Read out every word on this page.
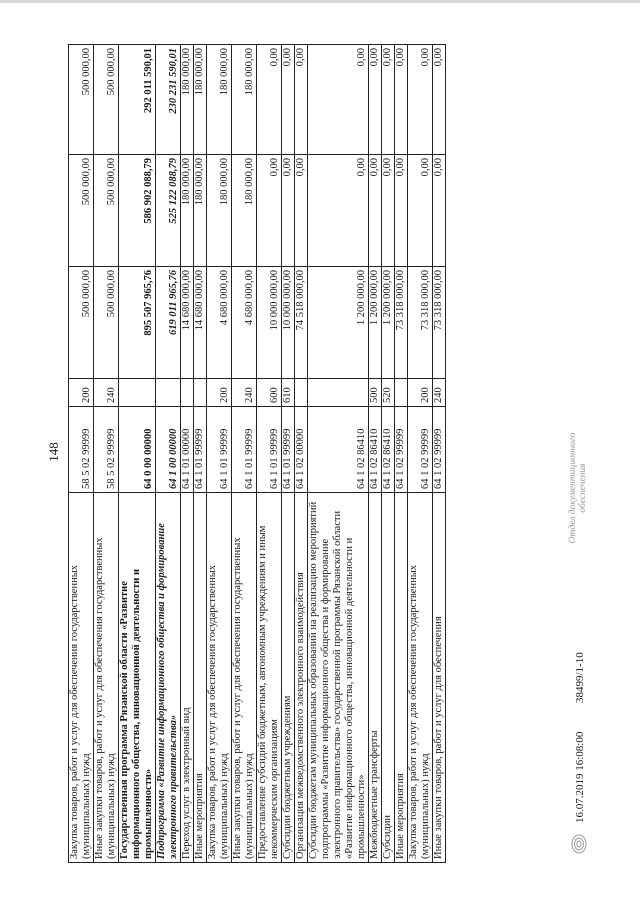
148
Закупка товаров, работ и услуг для обеспечения государственных (муниципальных) нужд	58 5 02 99999	200	500 000,00	500 000,00	500 000,00
Иные закупки товаров, работ и услуг для обеспечения государственных (муниципальных) нужд	58 5 02 99999	240	500 000,00	500 000,00	500 000,00
Государственная программа Рязанской области «Развитие информационного общества, инновационной деятельности и промышленности»	64 0 00 00000		895 507 965,76	586 902 088,79	292 011 590,01
Подпрограмма «Развитие информационного общества и формирование электронного правительства»	64 1 00 00000		619 011 965,76	525 122 088,79	230 231 590,01
Переход услуг в электронный вид	64 1 01 00000		14 680 000,00	180 000,00	180 000,00
Иные мероприятия	64 1 01 99999		14 680 000,00	180 000,00	180 000,00
Закупка товаров, работ и услуг для обеспечения государственных (муниципальных) нужд	64 1 01 99999	200	4 680 000,00	180 000,00	180 000,00
Иные закупки товаров, работ и услуг для обеспечения государственных (муниципальных) нужд	64 1 01 99999	240	4 680 000,00	180 000,00	180 000,00
Предоставление субсидий бюджетным, автономным учреждениям и иным некоммерческим организациям	64 1 01 99999	600	10 000 000,00	0,00	0,00
Субсидии бюджетным учреждениям	64 1 01 99999	610	10 000 000,00	0,00	0,00
Организация межведомственного электронного взаимодействия	64 1 02 00000		74 518 000,00	0,00	0,00
Субсидии бюджетам муниципальных образований на реализацию мероприятий подпрограммы «Развитие информационного общества и формирование электронного правительства» государственной программы Рязанской области «Развитие информационного общества, инновационной деятельности и промышленности»	64 1 02 86410		1 200 000,00	0,00	0,00
Межбюджетные трансферты	64 1 02 86410	500	1 200 000,00	0,00	0,00
Субсидии	64 1 02 86410	520	1 200 000,00	0,00	0,00
Иные мероприятия	64 1 02 99999		73 318 000,00	0,00	0,00
Закупка товаров, работ и услуг для обеспечения государственных (муниципальных) нужд	64 1 02 99999	200	73 318 000,00	0,00	0,00
Иные закупки товаров, работ и услуг для обеспечения	64 1 02 99999	240	73 318 000,00	0,00	0,00
16.07.2019 16:08:00
38499/1-10
Отдел документационного обеспечения
